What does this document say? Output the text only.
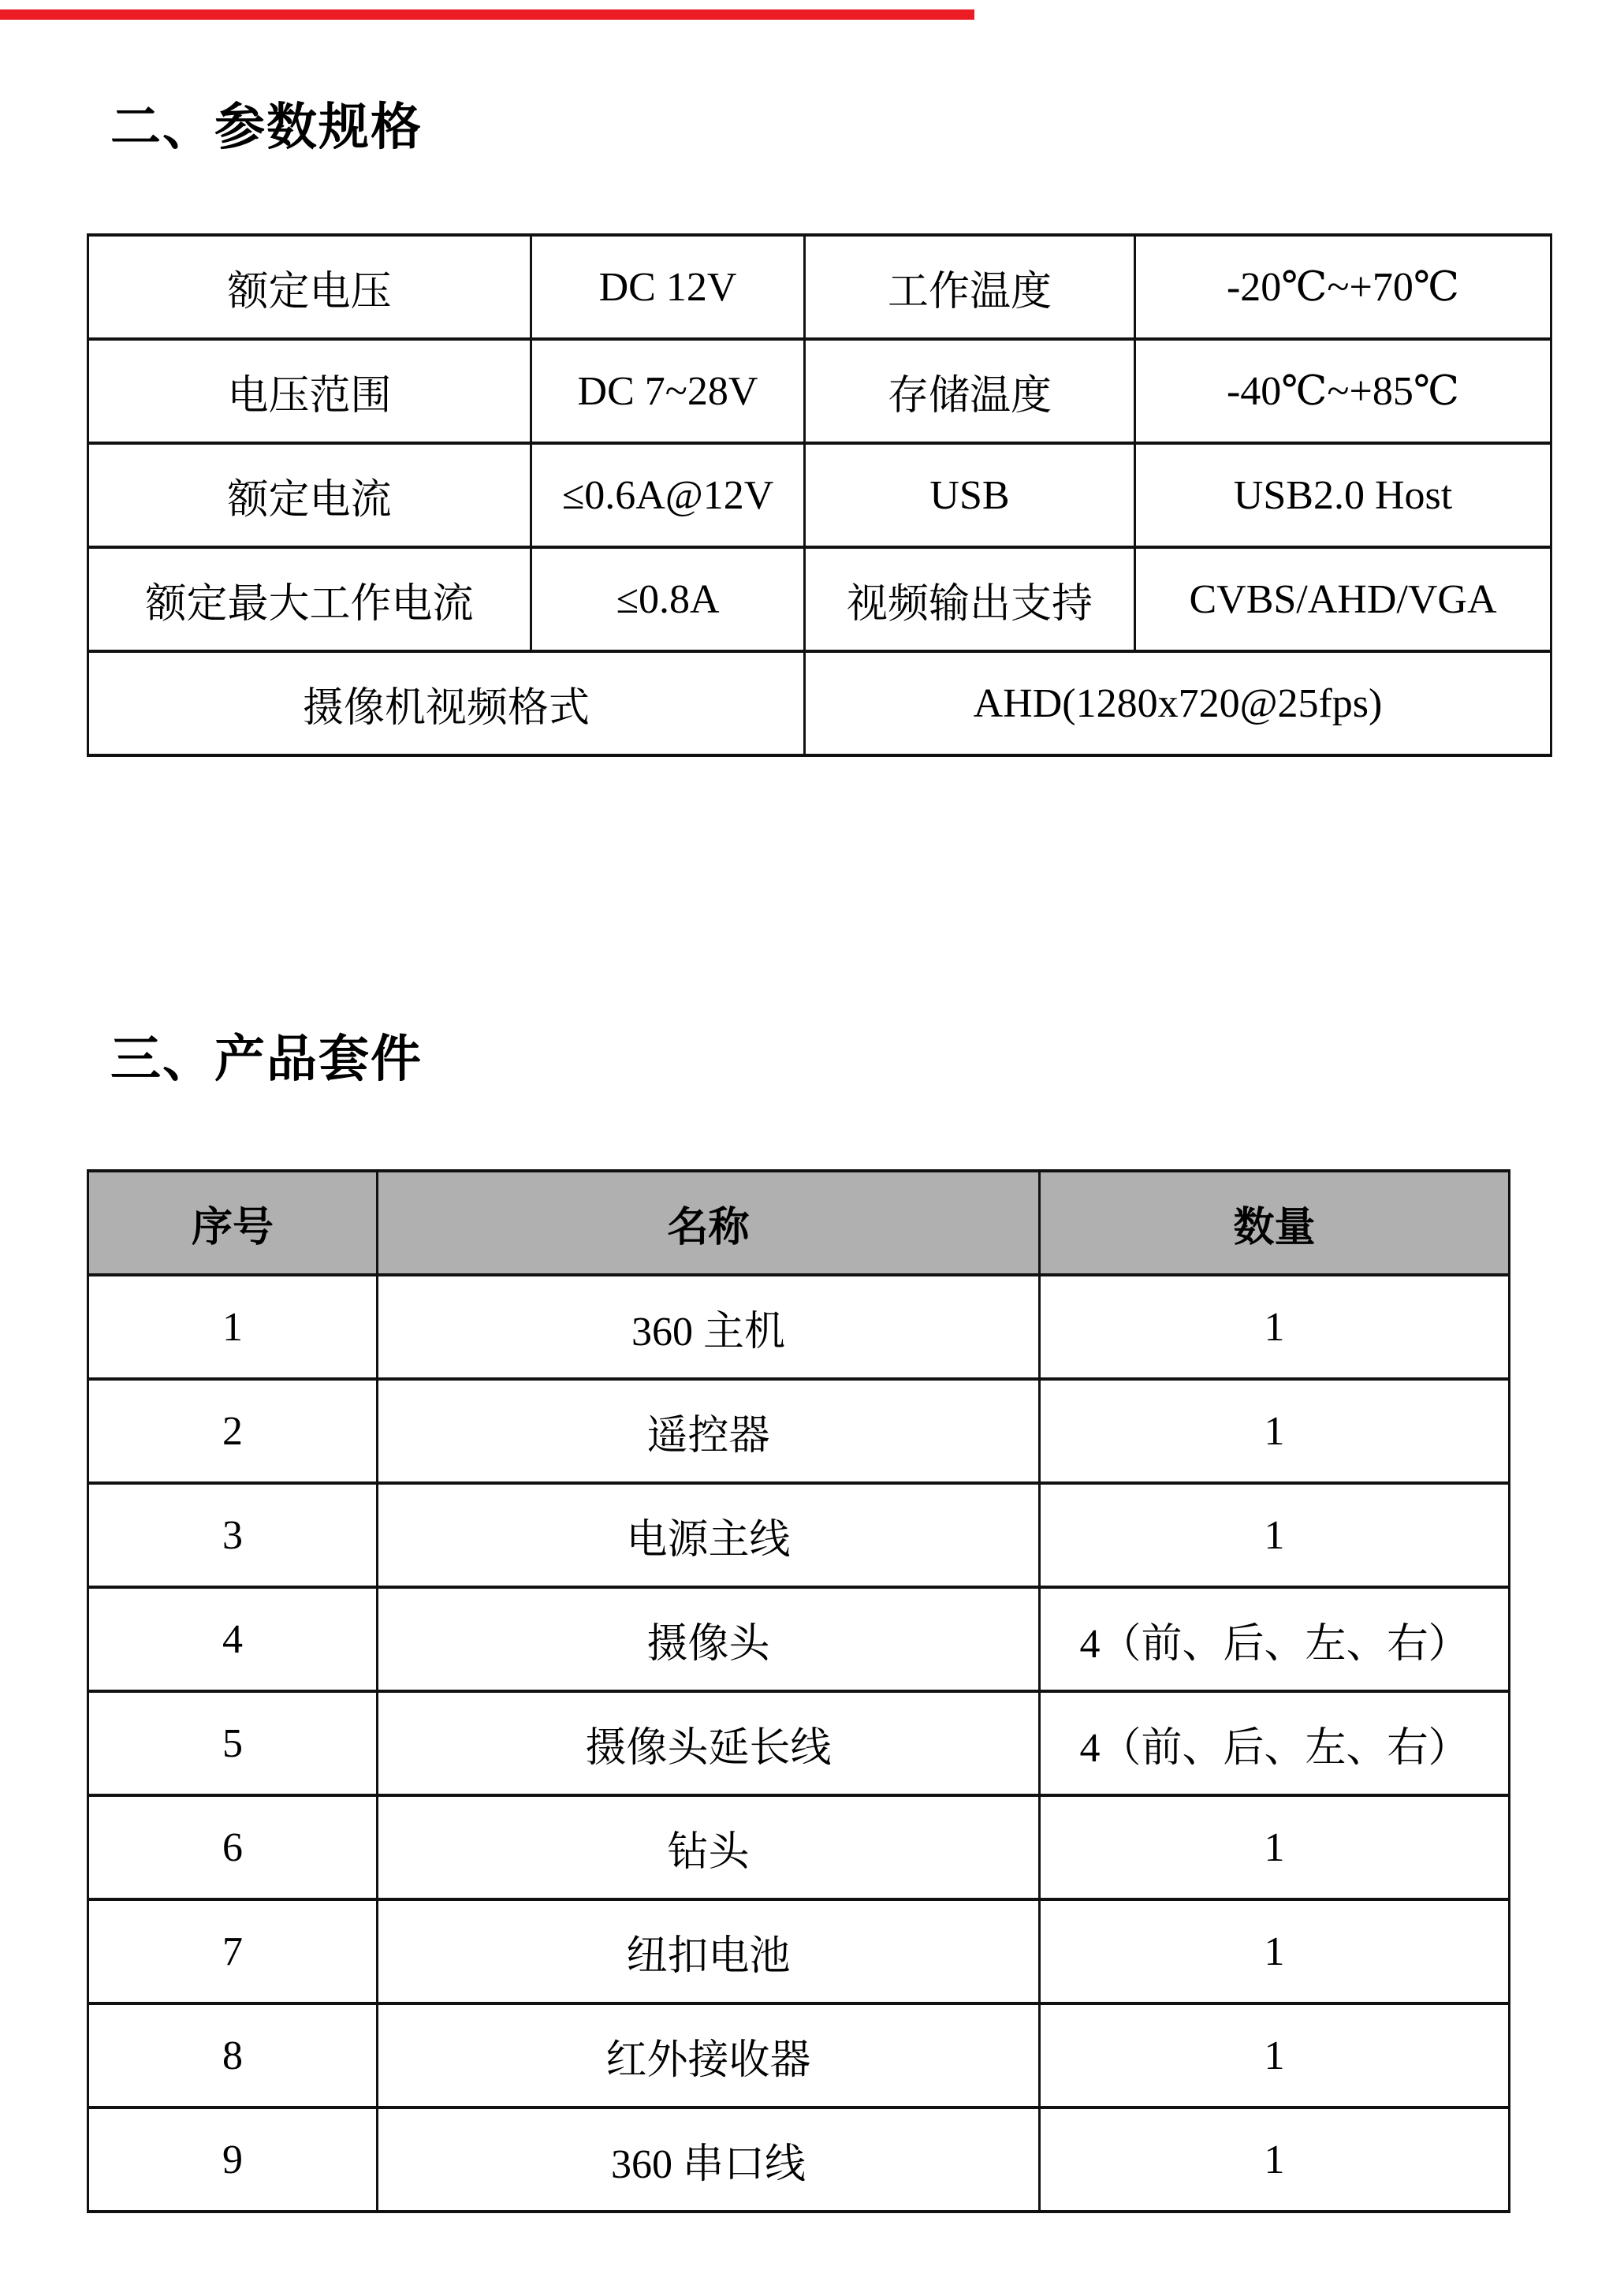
二、参数规格
额定电压	DC 12V	工作温度	-20℃~+70℃
电压范围	DC 7~28V	存储温度	-40℃~+85℃
额定电流	≤0.6A@12V	USB	USB2.0 Host
额定最大工作电流	≤0.8A	视频输出支持	CVBS/AHD/VGA
摄像机视频格式		AHD(1280x720@25fps)	
三、产品套件
序号	名称	数量
1	360 主机	1
2	遥控器	1
3	电源主线	1
4	摄像头	4（前、后、左、右）
5	摄像头延长线	4（前、后、左、右）
6	钻头	1
7	纽扣电池	1
8	红外接收器	1
9	360 串口线	1
